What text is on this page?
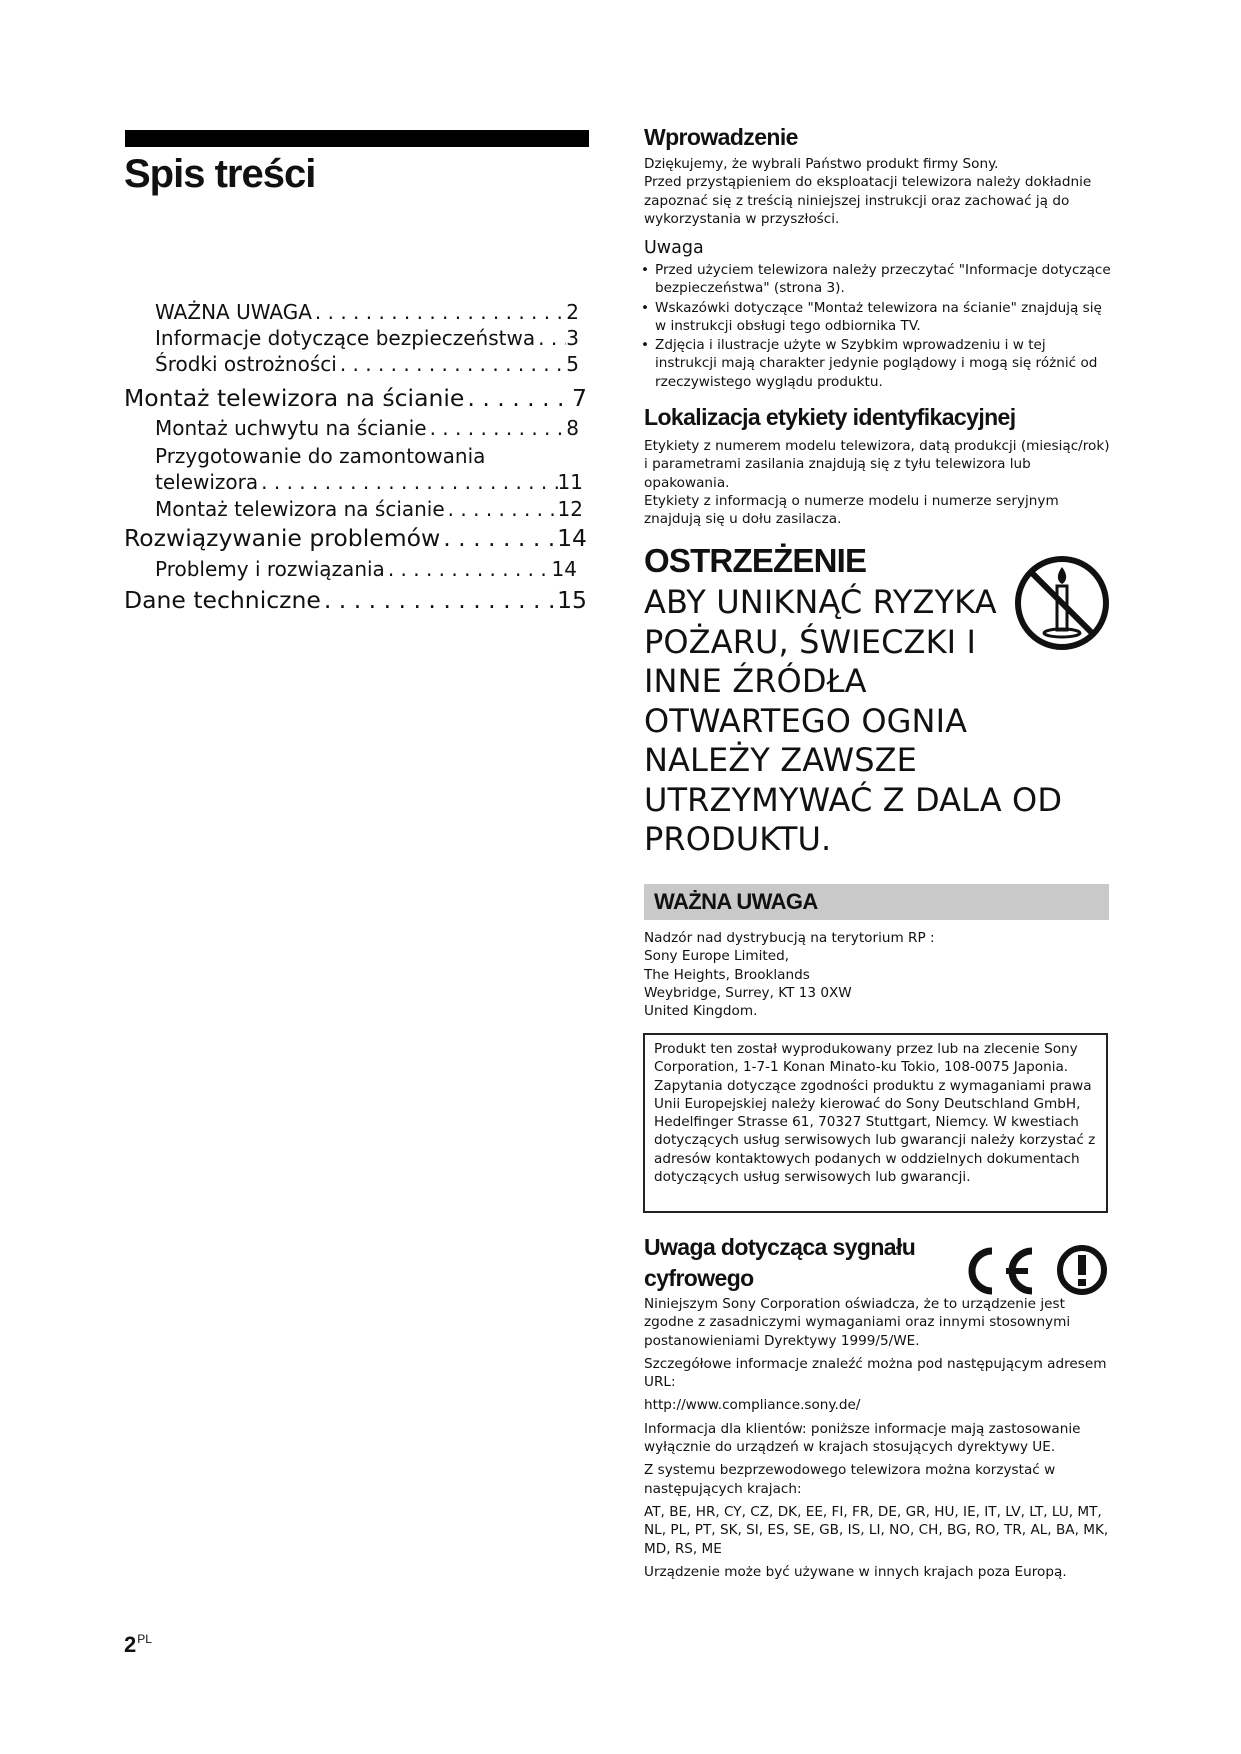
Spis treści
WAŻNA UWAGA . . .	2
Informacje dotyczące bezpieczeństwa . . . 3
Środki ostrożności . . .	5
Montaż telewizora na ścianie . . .	7
Montaż uchwytu na ścianie . . .	8
Przygotowanie do zamontowania
telewizora . . .	11
Montaż telewizora na ścianie . . .	12
Rozwiązywanie problemów . . .	14
Problemy i rozwiązania . . .	14
Dane techniczne . . .	15
Wprowadzenie

Dziękujemy, że wybrali Państwo produkt firmy Sony.

Przed przystąpieniem do eksploatacji telewizora należy dokładnie zapoznać się z treścią niniejszej instrukcji oraz zachować ją do wykorzystania w przyszłości.

Uwaga
• Przed użyciem telewizora należy przeczytać "Informacje dotyczące bezpieczeństwa" (strona 3).
• Wskazówki dotyczące "Montaż telewizora na ścianie" znajdują się w instrukcji obsługi tego odbiornika TV.
• Zdjęcia i ilustracje użyte w Szybkim wprowadzeniu i w tej instrukcji mają charakter jedynie poglądowy i mogą się różnić od rzeczywistego wyglądu produktu.
Lokalizacja etykiety identyfikacyjnej

Etykiety z numerem modelu telewizora, datą produkcji (miesiąc/rok) i parametrami zasilania znajdują się z tyłu telewizora lub opakowania.

Etykiety z informacją o numerze modelu i numerze seryjnym znajdują się u dołu zasilacza.

OSTRZEŻENIE

ABY UNIKNĄĆ RYZYKA POŻARU, ŚWIECZKI I INNE ŹRÓDŁA OTWARTEGO OGNIA NALEŻY ZAWSZE UTRZYMYWAĆ Z DALA OD PRODUKTU.

WAŻNA UWAGA

Nadzór nad dystrybucją na terytorium RP :

Sony Europe Limited,

The Heights, Brooklands

Weybridge, Surrey, KT 13 0XW

United Kingdom.

Produkt ten został wyprodukowany przez lub na zlecenie Sony Corporation, 1-7-1 Konan Minato-ku Tokio, 108-0075 Japonia.

Zapytania dotyczące zgodności produktu z wymaganiami prawa Unii Europejskiej należy kierować do Sony Deutschland GmbH, Hedelfinger Strasse 61, 70327 Stuttgart, Niemcy. W kwestiach dotyczących usług serwisowych lub gwarancji należy korzystać z adresów kontaktowych podanych w oddzielnych dokumentach dotyczących usług serwisowych lub gwarancji.

Uwaga dotycząca sygnału cyfrowego

Niniejszym Sony Corporation oświadcza, że to urządzenie jest zgodne z zasadniczymi wymaganiami oraz innymi stosownymi postanowieniami Dyrektywy 1999/5/WE.

Szczegółowe informacje znaleźć można pod następującym adresem URL:

http://www.compliance.sony.de/

Informacja dla klientów: poniższe informacje mają zastosowanie wyłącznie do urządzeń w krajach stosujących dyrektywy UE.

Z systemu bezprzewodowego telewizora można korzystać w następujących krajach:

AT, BE, HR, CY, CZ, DK, EE, FI, FR, DE, GR, HU, IE, IT, LV, LT, LU, MT, NL, PL, PT, SK, SI, ES, SE, GB, IS, LI, NO, CH, BG, RO, TR, AL, BA, MK, MD, RS, ME

Urządzenie może być używane w innych krajach poza Europą.

$2^{PL}$
